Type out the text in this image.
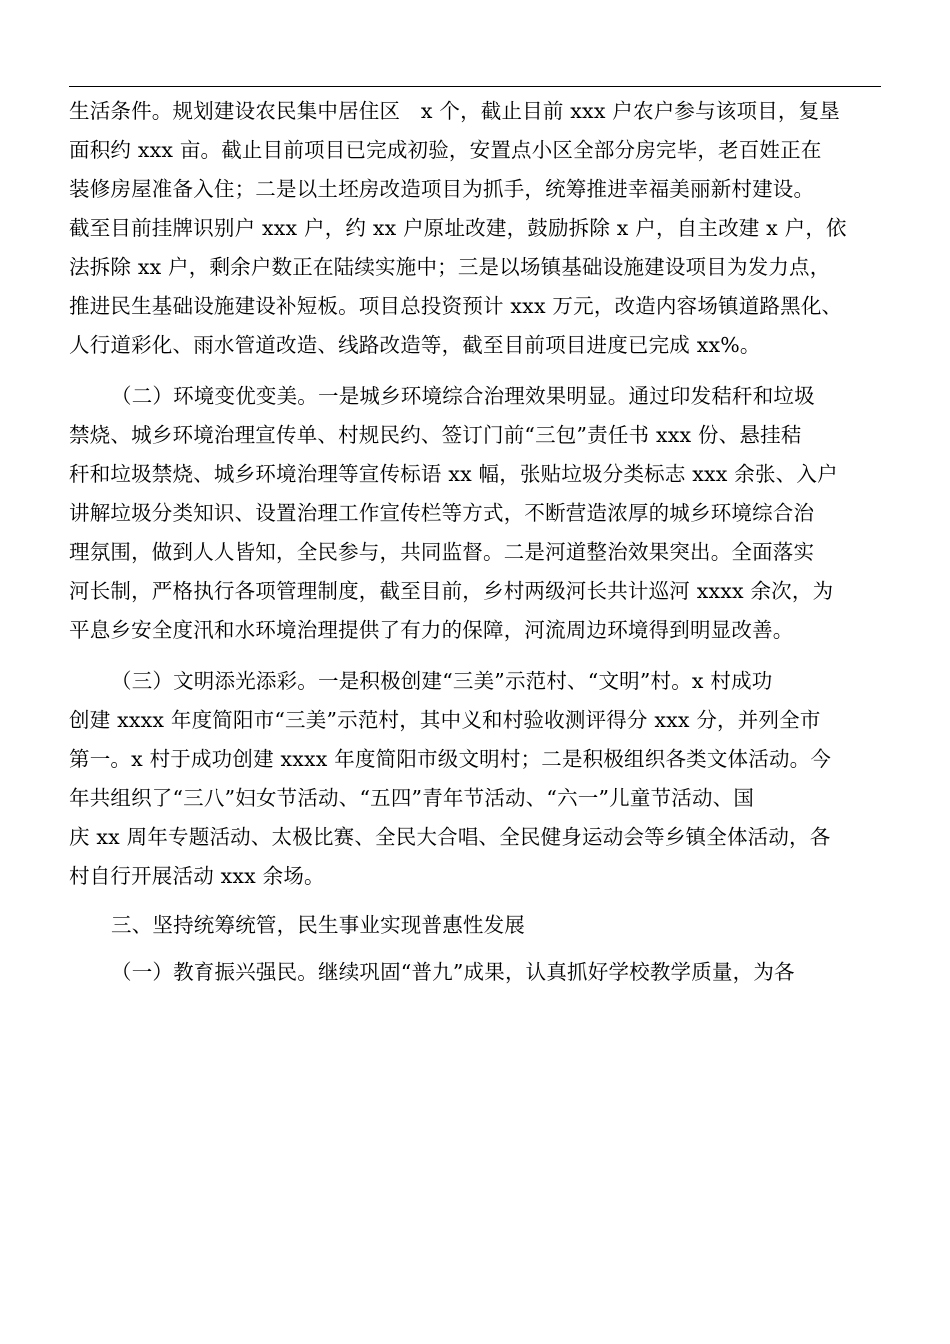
生活条件。规划建设农民集中居住区　x 个，截止目前 xxx 户农户参与该项目，复垦
面积约 xxx 亩。截止目前项目已完成初验，安置点小区全部分房完毕，老百姓正在
装修房屋准备入住；二是以土坯房改造项目为抓手，统筹推进幸福美丽新村建设。
截至目前挂牌识别户 xxx 户，约 xx 户原址改建，鼓励拆除 x 户，自主改建 x 户，依
法拆除 xx 户，剩余户数正在陆续实施中；三是以场镇基础设施建设项目为发力点，
推进民生基础设施建设补短板。项目总投资预计 xxx 万元，改造内容场镇道路黑化、
人行道彩化、雨水管道改造、线路改造等，截至目前项目进度已完成 xx%。

（二）环境变优变美。一是城乡环境综合治理效果明显。通过印发秸秆和垃圾
禁烧、城乡环境治理宣传单、村规民约、签订门前“三包”责任书 xxx 份、悬挂秸
秆和垃圾禁烧、城乡环境治理等宣传标语 xx 幅，张贴垃圾分类标志 xxx 余张、入户
讲解垃圾分类知识、设置治理工作宣传栏等方式，不断营造浓厚的城乡环境综合治
理氛围，做到人人皆知，全民参与，共同监督。二是河道整治效果突出。全面落实
河长制，严格执行各项管理制度，截至目前，乡村两级河长共计巡河 xxxx 余次，为
平息乡安全度汛和水环境治理提供了有力的保障，河流周边环境得到明显改善。

（三）文明添光添彩。一是积极创建“三美”示范村、“文明”村。x 村成功
创建 xxxx 年度简阳市“三美”示范村，其中义和村验收测评得分 xxx 分，并列全市
第一。x 村于成功创建 xxxx 年度简阳市级文明村；二是积极组织各类文体活动。今
年共组织了“三八”妇女节活动、“五四”青年节活动、“六一”儿童节活动、国
庆 xx 周年专题活动、太极比赛、全民大合唱、全民健身运动会等乡镇全体活动，各
村自行开展活动 xxx 余场。

三、坚持统筹统管，民生事业实现普惠性发展

（一）教育振兴强民。继续巩固“普九”成果，认真抓好学校教学质量，为各
